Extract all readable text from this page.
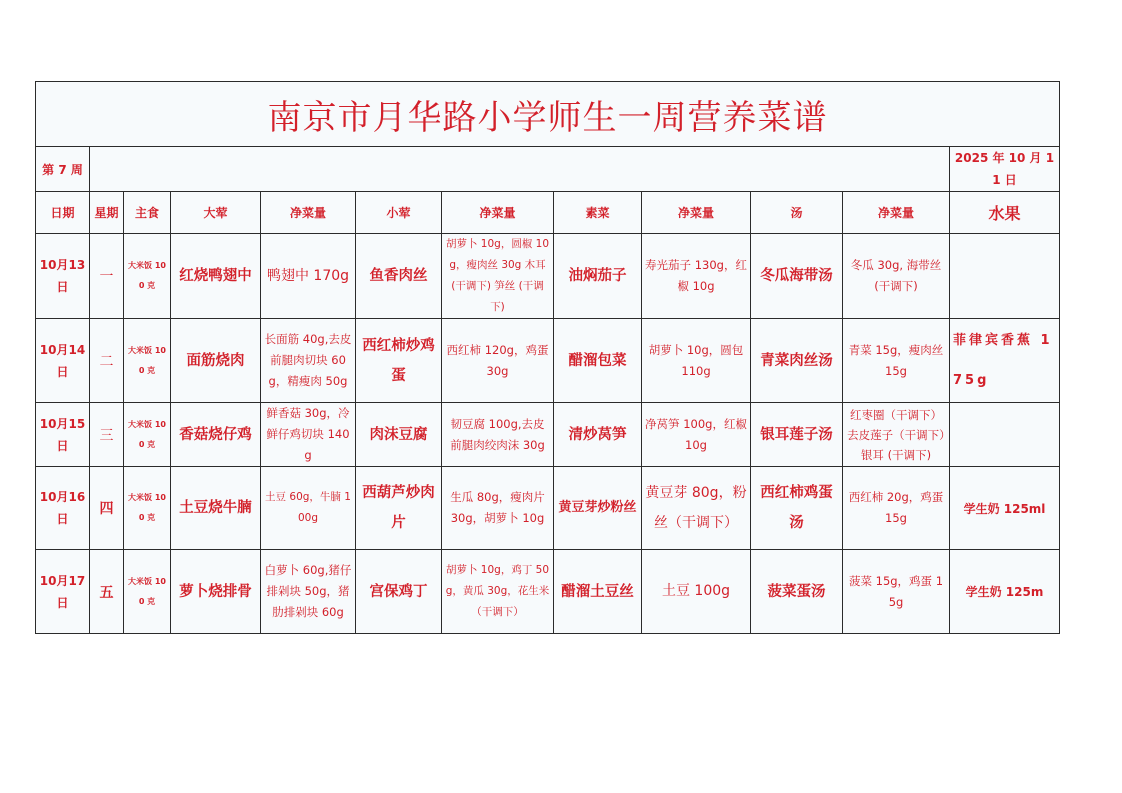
南京市月华路小学师生一周营养菜谱											
第 7 周											2025 年 10 月 11 日
日期	星期	主食	大荤	净菜量	小荤	净菜量	素菜	净菜量	汤	净菜量	水果
10月13日	一	大米饭 100 克	红烧鸭翅中	鸭翅中 170g	鱼香肉丝	胡萝卜 10g，圆椒 10g，瘦肉丝 30g 木耳 (干调下) 笋丝 (干调下)	油焖茄子	寿光茄子 130g，红椒 10g	冬瓜海带汤	冬瓜 30g, 海带丝 (干调下)	
10月14日	二	大米饭 100 克	面筋烧肉	长面筋 40g,去皮前腿肉切块 60g，精瘦肉 50g	西红柿炒鸡蛋	西红柿 120g，鸡蛋 30g	醋溜包菜	胡萝卜 10g，圆包 110g	青菜肉丝汤	青菜 15g，瘦肉丝 15g	菲律宾香蕉 175g
10月15日	三	大米饭 100 克	香菇烧仔鸡	鲜香菇 30g，冷鲜仔鸡切块 140g	肉沫豆腐	韧豆腐 100g,去皮前腿肉绞肉沫 30g	清炒莴笋	净莴笋 100g，红椒 10g	银耳莲子汤	红枣圈（干调下）去皮莲子（干调下）银耳 (干调下)	
10月16日	四	大米饭 100 克	土豆烧牛腩	土豆 60g，牛腩 100g	西葫芦炒肉片	生瓜 80g，瘦肉片 30g，胡萝卜 10g	黄豆芽炒粉丝	黄豆芽 80g，粉丝（干调下）	西红柿鸡蛋汤	西红柿 20g，鸡蛋 15g	学生奶 125ml
10月17日	五	大米饭 100 克	萝卜烧排骨	白萝卜 60g,猪仔排剁块 50g，猪肋排剁块 60g	宫保鸡丁	胡萝卜 10g，鸡丁 50g，黄瓜 30g，花生米（干调下）	醋溜土豆丝	土豆 100g	菠菜蛋汤	菠菜 15g，鸡蛋 15g	学生奶 125m
